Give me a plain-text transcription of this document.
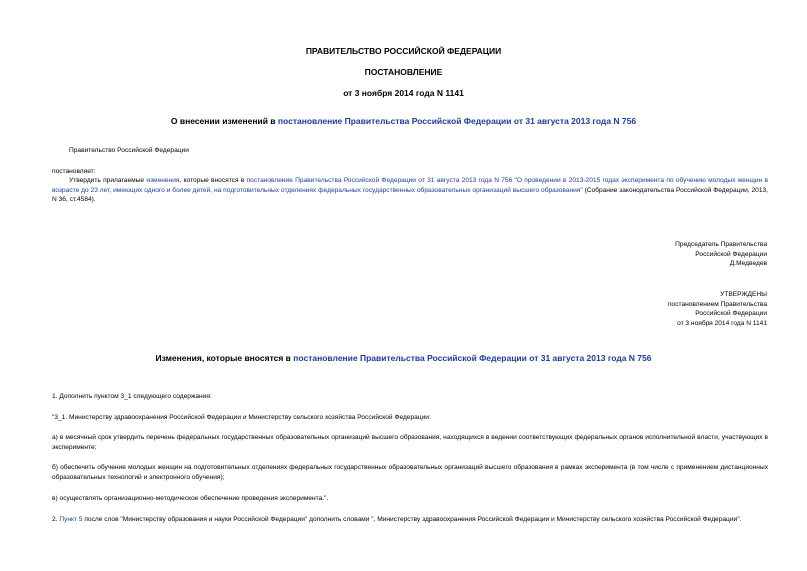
ПРАВИТЕЛЬСТВО РОССИЙСКОЙ ФЕДЕРАЦИИ
ПОСТАНОВЛЕНИЕ
от 3 ноября 2014 года N 1141
О внесении изменений в постановление Правительства Российской Федерации от 31 августа 2013 года N 756
Правительство Российской Федерации
постановляет:
Утвердить прилагаемые изменения, которые вносятся в постановление Правительства Российской Федерации от 31 августа 2013 года N 756 "О проведении в 2013-2015 годах эксперимента по обучению молодых женщин в возрасте до 23 лет, имеющих одного и более детей, на подготовительных отделениях федеральных государственных образовательных организаций высшего образования" (Собрание законодательства Российской Федерации, 2013, N 36, ст.4584).
Председатель Правительства
Российской Федерации
Д.Медведев
УТВЕРЖДЕНЫ
постановлением Правительства
Российской Федерации
от 3 ноября 2014 года N 1141
Изменения, которые вносятся в постановление Правительства Российской Федерации от 31 августа 2013 года N 756
1. Дополнить пунктом 3_1 следующего содержания:
"3_1. Министерству здравоохранения Российской Федерации и Министерству сельского хозяйства Российской Федерации:
а) в месячный срок утвердить перечень федеральных государственных образовательных организаций высшего образования, находящихся в ведении соответствующих федеральных органов исполнительной власти, участвующих в эксперименте;
б) обеспечить обучение молодых женщин на подготовительных отделениях федеральных государственных образовательных организаций высшего образования в рамках эксперимента (в том числе с применением дистанционных образовательных технологий и электронного обучения);
в) осуществлять организационно-методическое обеспечение проведения эксперимента.".
2. Пункт 5 после слов "Министерству образования и науки Российской Федерации" дополнить словами ", Министерству здравоохранения Российской Федерации и Министерству сельского хозяйства Российской Федерации".
